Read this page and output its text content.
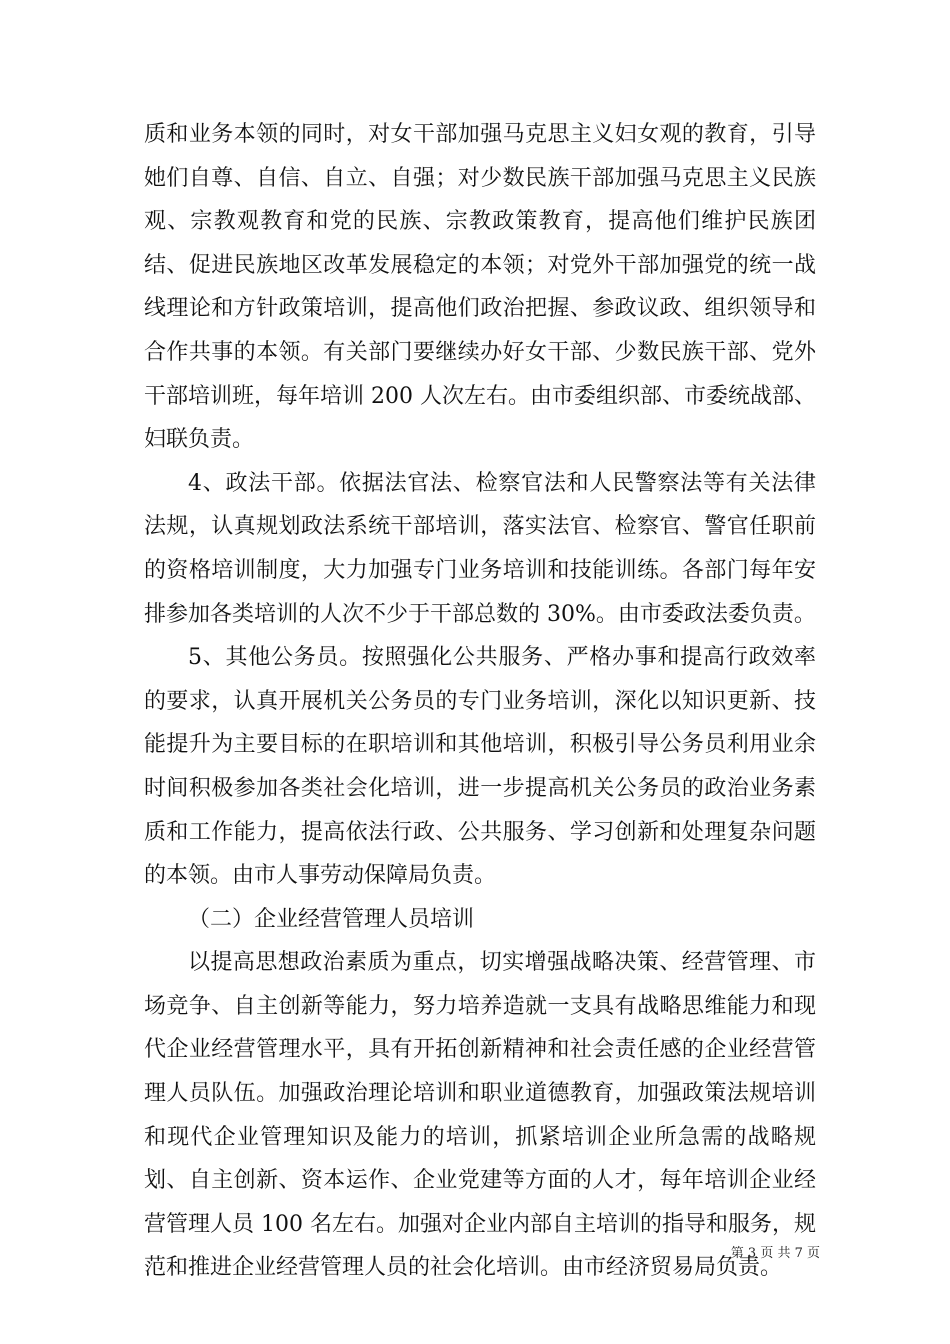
质和业务本领的同时，对女干部加强马克思主义妇女观的教育，引导她们自尊、自信、自立、自强；对少数民族干部加强马克思主义民族观、宗教观教育和党的民族、宗教政策教育，提高他们维护民族团结、促进民族地区改革发展稳定的本领；对党外干部加强党的统一战线理论和方针政策培训，提高他们政治把握、参政议政、组织领导和合作共事的本领。有关部门要继续办好女干部、少数民族干部、党外干部培训班，每年培训 200 人次左右。由市委组织部、市委统战部、妇联负责。

4、政法干部。依据法官法、检察官法和人民警察法等有关法律法规，认真规划政法系统干部培训，落实法官、检察官、警官任职前的资格培训制度，大力加强专门业务培训和技能训练。各部门每年安排参加各类培训的人次不少于干部总数的 30%。由市委政法委负责。

5、其他公务员。按照强化公共服务、严格办事和提高行政效率的要求，认真开展机关公务员的专门业务培训，深化以知识更新、技能提升为主要目标的在职培训和其他培训，积极引导公务员利用业余时间积极参加各类社会化培训，进一步提高机关公务员的政治业务素质和工作能力，提高依法行政、公共服务、学习创新和处理复杂问题的本领。由市人事劳动保障局负责。

（二）企业经营管理人员培训

以提高思想政治素质为重点，切实增强战略决策、经营管理、市场竞争、自主创新等能力，努力培养造就一支具有战略思维能力和现代企业经营管理水平，具有开拓创新精神和社会责任感的企业经营管理人员队伍。加强政治理论培训和职业道德教育，加强政策法规培训和现代企业管理知识及能力的培训，抓紧培训企业所急需的战略规划、自主创新、资本运作、企业党建等方面的人才，每年培训企业经营管理人员 100 名左右。加强对企业内部自主培训的指导和服务，规范和推进企业经营管理人员的社会化培训。由市经济贸易局负责。

第 3 页 共 7 页
